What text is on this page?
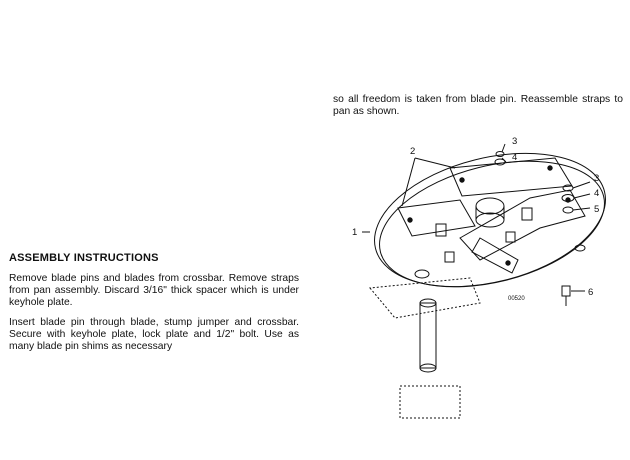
ASSEMBLY INSTRUCTIONS

Remove blade pins and blades from crossbar. Remove straps from pan assembly. Discard 3/16" thick spacer which is under keyhole plate.

Insert blade pin through blade, stump jumper and crossbar. Secure with keyhole plate, lock plate and 1/2" bolt. Use as many blade pin shims as necessary

so all freedom is taken from blade pin. Reassemble straps to pan as shown.

2
3
4
3
4
5
6
1
00520
